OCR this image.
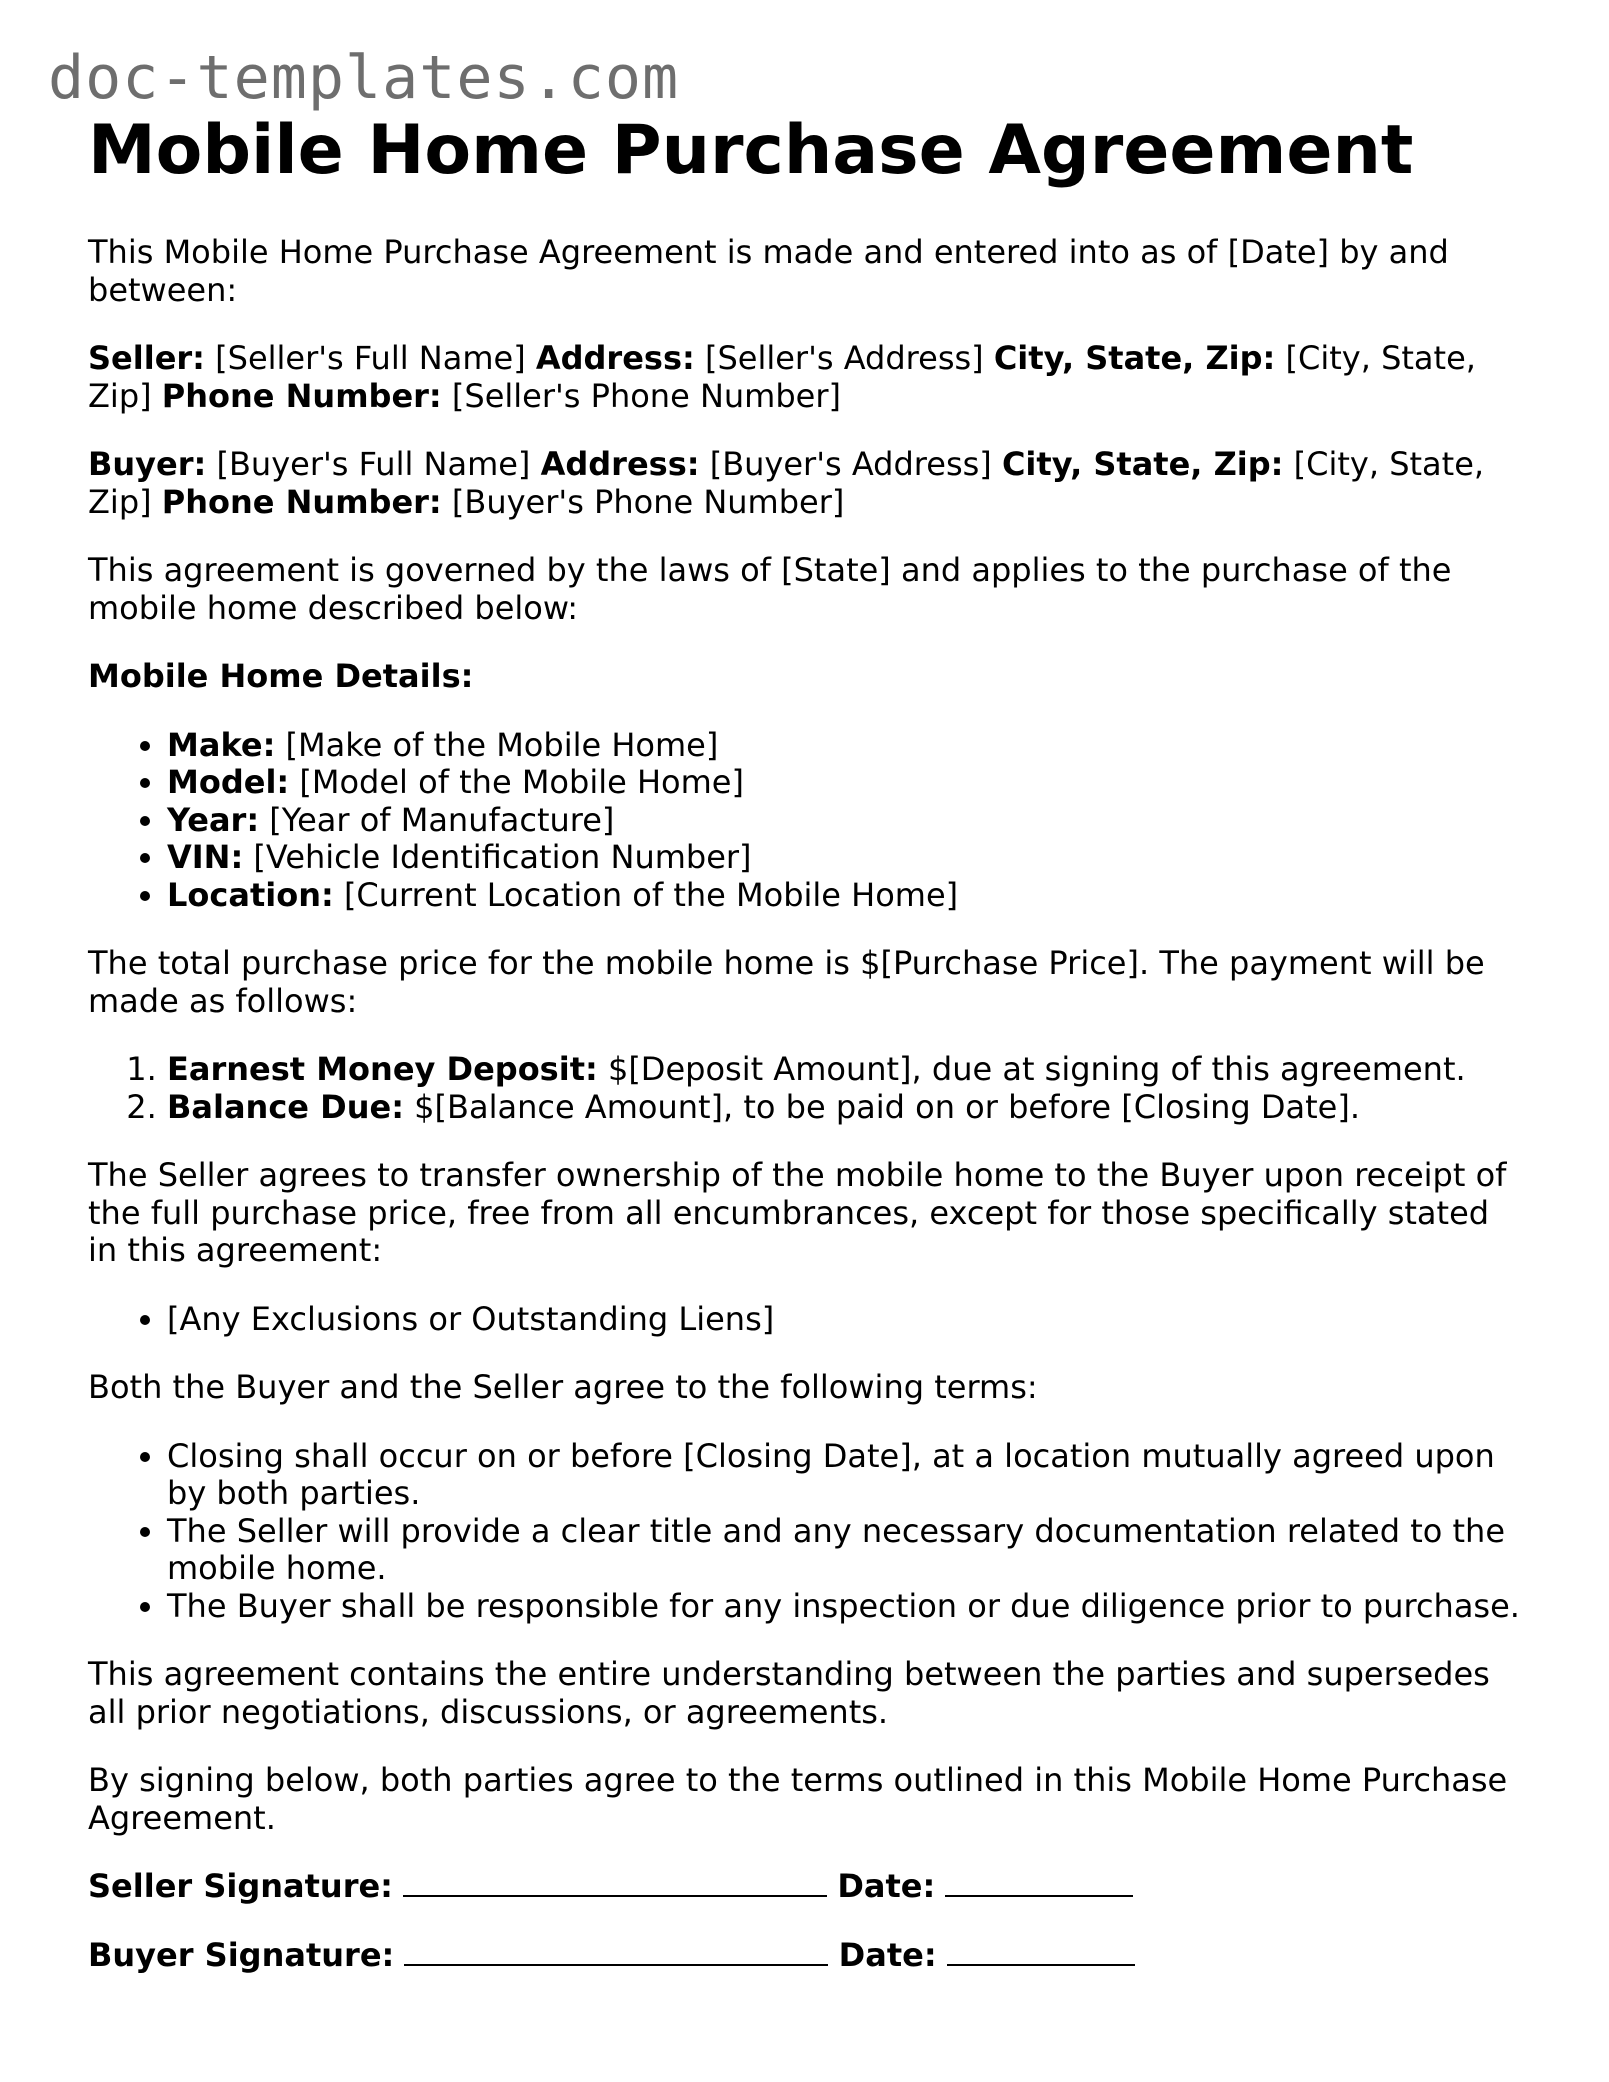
doc-templates.com
Mobile Home Purchase Agreement

This Mobile Home Purchase Agreement is made and entered into as of [Date] by and between:

Seller: [Seller's Full Name] Address: [Seller's Address] City, State, Zip: [City, State, Zip] Phone Number: [Seller's Phone Number]

Buyer: [Buyer's Full Name] Address: [Buyer's Address] City, State, Zip: [City, State, Zip] Phone Number: [Buyer's Phone Number]

This agreement is governed by the laws of [State] and applies to the purchase of the mobile home described below:

Mobile Home Details:

• Make: [Make of the Mobile Home]
• Model: [Model of the Mobile Home]
• Year: [Year of Manufacture]
• VIN: [Vehicle Identification Number]
• Location: [Current Location of the Mobile Home]

The total purchase price for the mobile home is $[Purchase Price]. The payment will be made as follows:

1. Earnest Money Deposit: $[Deposit Amount], due at signing of this agreement.
2. Balance Due: $[Balance Amount], to be paid on or before [Closing Date].

The Seller agrees to transfer ownership of the mobile home to the Buyer upon receipt of the full purchase price, free from all encumbrances, except for those specifically stated in this agreement:

• [Any Exclusions or Outstanding Liens]

Both the Buyer and the Seller agree to the following terms:

• Closing shall occur on or before [Closing Date], at a location mutually agreed upon by both parties.
• The Seller will provide a clear title and any necessary documentation related to the mobile home.
• The Buyer shall be responsible for any inspection or due diligence prior to purchase.

This agreement contains the entire understanding between the parties and supersedes all prior negotiations, discussions, or agreements.

By signing below, both parties agree to the terms outlined in this Mobile Home Purchase Agreement.

Seller Signature:	Date:
Buyer Signature:	Date:
